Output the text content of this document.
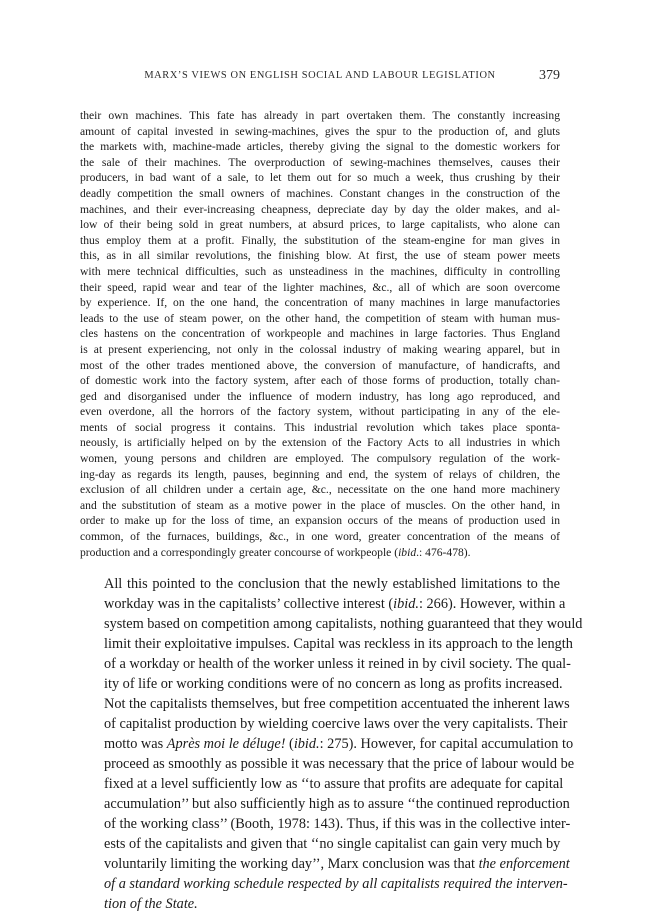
MARX’S VIEWS ON ENGLISH SOCIAL AND LABOUR LEGISLATION	379
their own machines. This fate has already in part overtaken them. The constantly increasing
amount of capital invested in sewing-machines, gives the spur to the production of, and gluts
the markets with, machine-made articles, thereby giving the signal to the domestic workers for
the sale of their machines. The overproduction of sewing-machines themselves, causes their
producers, in bad want of a sale, to let them out for so much a week, thus crushing by their
deadly competition the small owners of machines. Constant changes in the construction of the
machines, and their ever-increasing cheapness, depreciate day by day the older makes, and al-
low of their being sold in great numbers, at absurd prices, to large capitalists, who alone can
thus employ them at a profit. Finally, the substitution of the steam-engine for man gives in
this, as in all similar revolutions, the finishing blow. At first, the use of steam power meets
with mere technical difficulties, such as unsteadiness in the machines, difficulty in controlling
their speed, rapid wear and tear of the lighter machines, &c., all of which are soon overcome
by experience. If, on the one hand, the concentration of many machines in large manufactories
leads to the use of steam power, on the other hand, the competition of steam with human mus-
cles hastens on the concentration of workpeople and machines in large factories. Thus England
is at present experiencing, not only in the colossal industry of making wearing apparel, but in
most of the other trades mentioned above, the conversion of manufacture, of handicrafts, and
of domestic work into the factory system, after each of those forms of production, totally chan-
ged and disorganised under the influence of modern industry, has long ago reproduced, and
even overdone, all the horrors of the factory system, without participating in any of the ele-
ments of social progress it contains. This industrial revolution which takes place sponta-
neously, is artificially helped on by the extension of the Factory Acts to all industries in which
women, young persons and children are employed. The compulsory regulation of the work-
ing-day as regards its length, pauses, beginning and end, the system of relays of children, the
exclusion of all children under a certain age, &c., necessitate on the one hand more machinery
and the substitution of steam as a motive power in the place of muscles. On the other hand, in
order to make up for the loss of time, an expansion occurs of the means of production used in
common, of the furnaces, buildings, &c., in one word, greater concentration of the means of
production and a correspondingly greater concourse of workpeople (ibid.: 476-478).
All this pointed to the conclusion that the newly established limitations to the
workday was in the capitalists’ collective interest (ibid.: 266). However, within a
system based on competition among capitalists, nothing guaranteed that they would
limit their exploitative impulses. Capital was reckless in its approach to the length
of a workday or health of the worker unless it reined in by civil society. The qual-
ity of life or working conditions were of no concern as long as profits increased.
Not the capitalists themselves, but free competition accentuated the inherent laws
of capitalist production by wielding coercive laws over the very capitalists. Their
motto was Après moi le déluge! (ibid.: 275). However, for capital accumulation to
proceed as smoothly as possible it was necessary that the price of labour would be
fixed at a level sufficiently low as ‘‘to assure that profits are adequate for capital
accumulation’’ but also sufficiently high as to assure ‘‘the continued reproduction
of the working class’’ (Booth, 1978: 143). Thus, if this was in the collective inter-
ests of the capitalists and given that ‘‘no single capitalist can gain very much by
voluntarily limiting the working day’’, Marx conclusion was that the enforcement
of a standard working schedule respected by all capitalists required the interven-
tion of the State.
